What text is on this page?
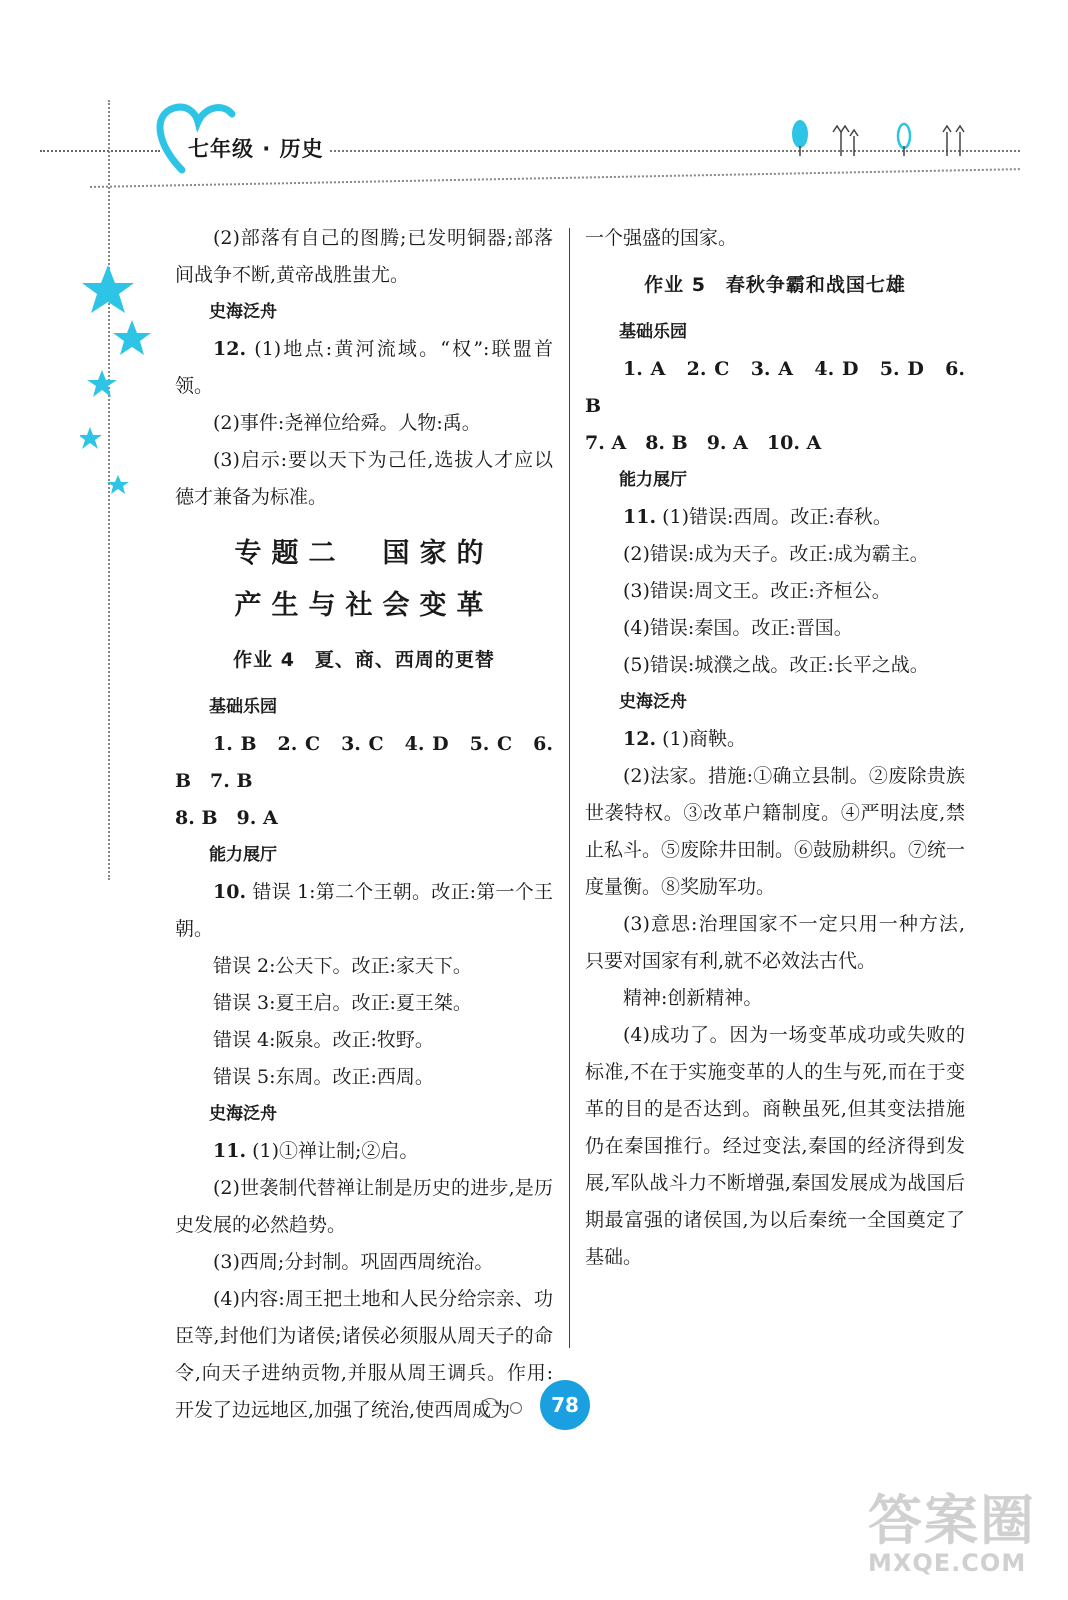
七年级 · 历史

(2)部落有自己的图腾;已发明铜器;部落间战争不断,黄帝战胜蚩尤。

史海泛舟

12. (1)地点:黄河流域。“权”:联盟首领。

(2)事件:尧禅位给舜。人物:禹。

(3)启示:要以天下为己任,选拔人才应以德才兼备为标准。

专题二　国家的

产生与社会变革

作业 4　夏、商、西周的更替

基础乐园

1. B　2. C　3. C　4. D　5. C　6. B　7. B

8. B　9. A

能力展厅

10. 错误 1:第二个王朝。改正:第一个王朝。

错误 2:公天下。改正:家天下。

错误 3:夏王启。改正:夏王桀。

错误 4:阪泉。改正:牧野。

错误 5:东周。改正:西周。

史海泛舟

11. (1)①禅让制;②启。

(2)世袭制代替禅让制是历史的进步,是历史发展的必然趋势。

(3)西周;分封制。巩固西周统治。

(4)内容:周王把土地和人民分给宗亲、功臣等,封他们为诸侯;诸侯必须服从周天子的命令,向天子进纳贡物,并服从周王调兵。作用:开发了边远地区,加强了统治,使西周成为

一个强盛的国家。

作业 5　春秋争霸和战国七雄

基础乐园

1. A　2. C　3. A　4. D　5. D　6. B

7. A　8. B　9. A　10. A

能力展厅

11. (1)错误:西周。改正:春秋。

(2)错误:成为天子。改正:成为霸主。

(3)错误:周文王。改正:齐桓公。

(4)错误:秦国。改正:晋国。

(5)错误:城濮之战。改正:长平之战。

史海泛舟

12. (1)商鞅。

(2)法家。措施:①确立县制。②废除贵族世袭特权。③改革户籍制度。④严明法度,禁止私斗。⑤废除井田制。⑥鼓励耕织。⑦统一度量衡。⑧奖励军功。

(3)意思:治理国家不一定只用一种方法,只要对国家有利,就不必效法古代。

精神:创新精神。

(4)成功了。因为一场变革成功或失败的标准,不在于实施变革的人的生与死,而在于变革的目的是否达到。商鞅虽死,但其变法措施仍在秦国推行。经过变法,秦国的经济得到发展,军队战斗力不断增强,秦国发展成为战国后期最富强的诸侯国,为以后秦统一全国奠定了基础。

78
答案圈
MXQE.COM
